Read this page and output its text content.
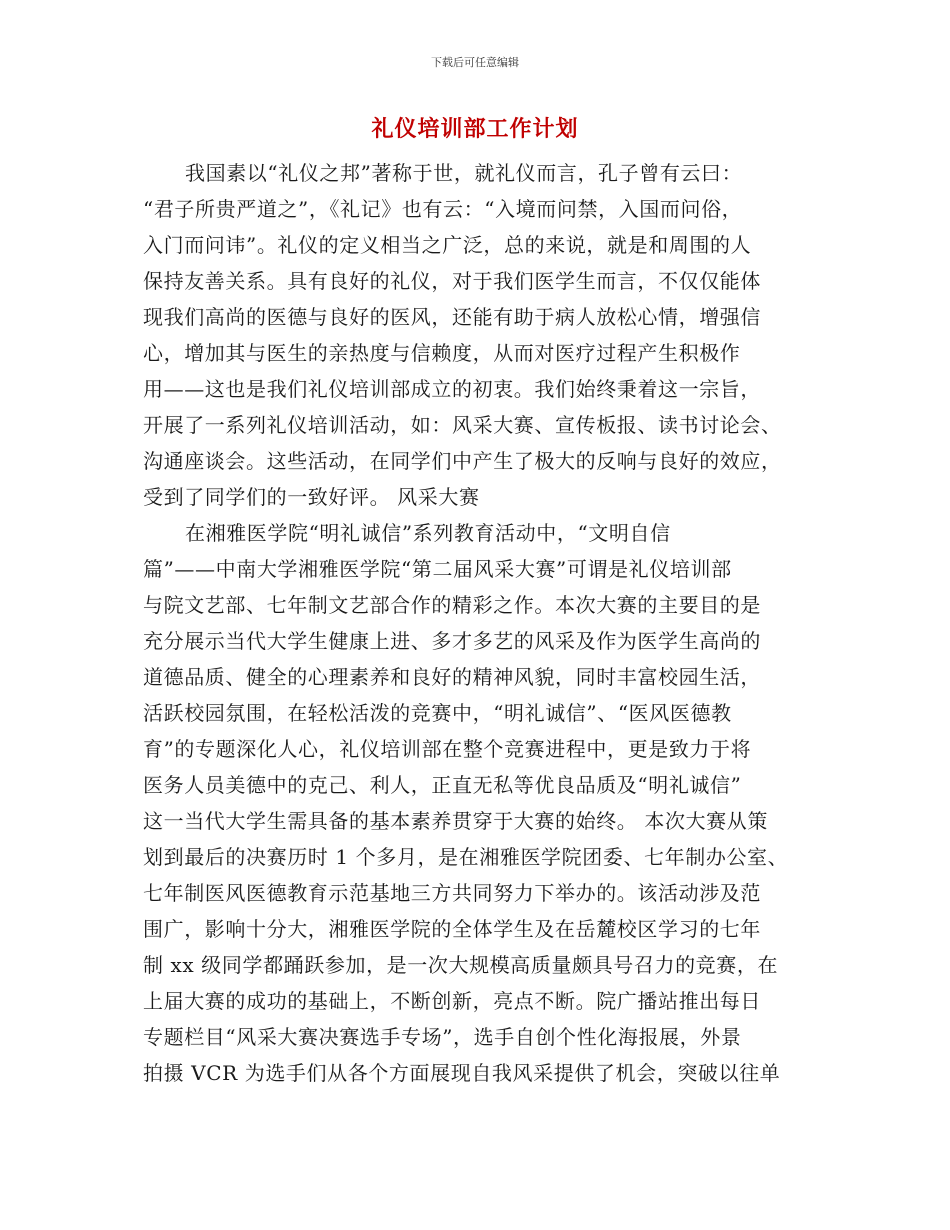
下载后可任意编辑
礼仪培训部工作计划
我国素以“礼仪之邦”著称于世，就礼仪而言，孔子曾有云曰：
“君子所贵严道之”，《礼记》也有云：“入境而问禁，入国而问俗，
入门而问讳”。礼仪的定义相当之广泛，总的来说，就是和周围的人
保持友善关系。具有良好的礼仪，对于我们医学生而言，不仅仅能体
现我们高尚的医德与良好的医风，还能有助于病人放松心情，增强信
心，增加其与医生的亲热度与信赖度，从而对医疗过程产生积极作
用——这也是我们礼仪培训部成立的初衷。我们始终秉着这一宗旨，
开展了一系列礼仪培训活动，如：风采大赛、宣传板报、读书讨论会、
沟通座谈会。这些活动，在同学们中产生了极大的反响与良好的效应，
受到了同学们的一致好评。 风采大赛
在湘雅医学院“明礼诚信”系列教育活动中，“文明自信
篇”——中南大学湘雅医学院“第二届风采大赛”可谓是礼仪培训部
与院文艺部、七年制文艺部合作的精彩之作。本次大赛的主要目的是
充分展示当代大学生健康上进、多才多艺的风采及作为医学生高尚的
道德品质、健全的心理素养和良好的精神风貌，同时丰富校园生活，
活跃校园氛围，在轻松活泼的竞赛中，“明礼诚信”、“医风医德教
育”的专题深化人心，礼仪培训部在整个竞赛进程中，更是致力于将
医务人员美德中的克己、利人，正直无私等优良品质及“明礼诚信”
这一当代大学生需具备的基本素养贯穿于大赛的始终。 本次大赛从策
划到最后的决赛历时 1 个多月，是在湘雅医学院团委、七年制办公室、
七年制医风医德教育示范基地三方共同努力下举办的。该活动涉及范
围广，影响十分大，湘雅医学院的全体学生及在岳麓校区学习的七年
制 xx 级同学都踊跃参加，是一次大规模高质量颇具号召力的竞赛，在
上届大赛的成功的基础上，不断创新，亮点不断。院广播站推出每日
专题栏目“风采大赛决赛选手专场”，选手自创个性化海报展，外景
拍摄 VCR 为选手们从各个方面展现自我风采提供了机会，突破以往单
